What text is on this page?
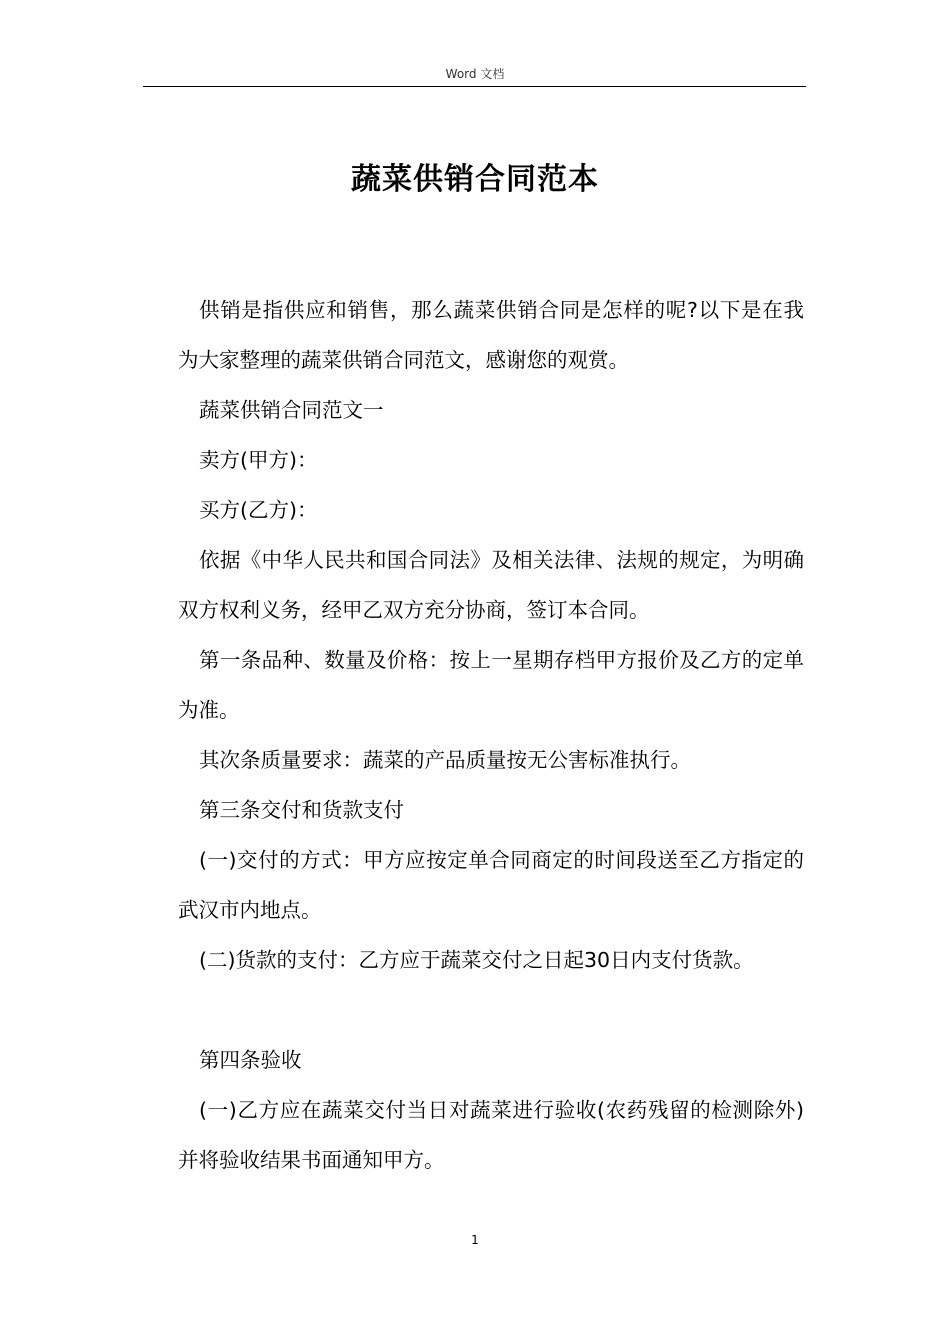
Word 文档
蔬菜供销合同范本

供销是指供应和销售，那么蔬菜供销合同是怎样的呢?以下是在我为大家整理的蔬菜供销合同范文，感谢您的观赏。

蔬菜供销合同范文一

卖方(甲方)：

买方(乙方)：

依据《中华人民共和国合同法》及相关法律、法规的规定，为明确双方权利义务，经甲乙双方充分协商，签订本合同。

第一条品种、数量及价格：按上一星期存档甲方报价及乙方的定单为准。

其次条质量要求：蔬菜的产品质量按无公害标准执行。

第三条交付和货款支付

(一)交付的方式：甲方应按定单合同商定的时间段送至乙方指定的武汉市内地点。

(二)货款的支付：乙方应于蔬菜交付之日起30日内支付货款。

第四条验收

(一)乙方应在蔬菜交付当日对蔬菜进行验收(农药残留的检测除外)并将验收结果书面通知甲方。

1
